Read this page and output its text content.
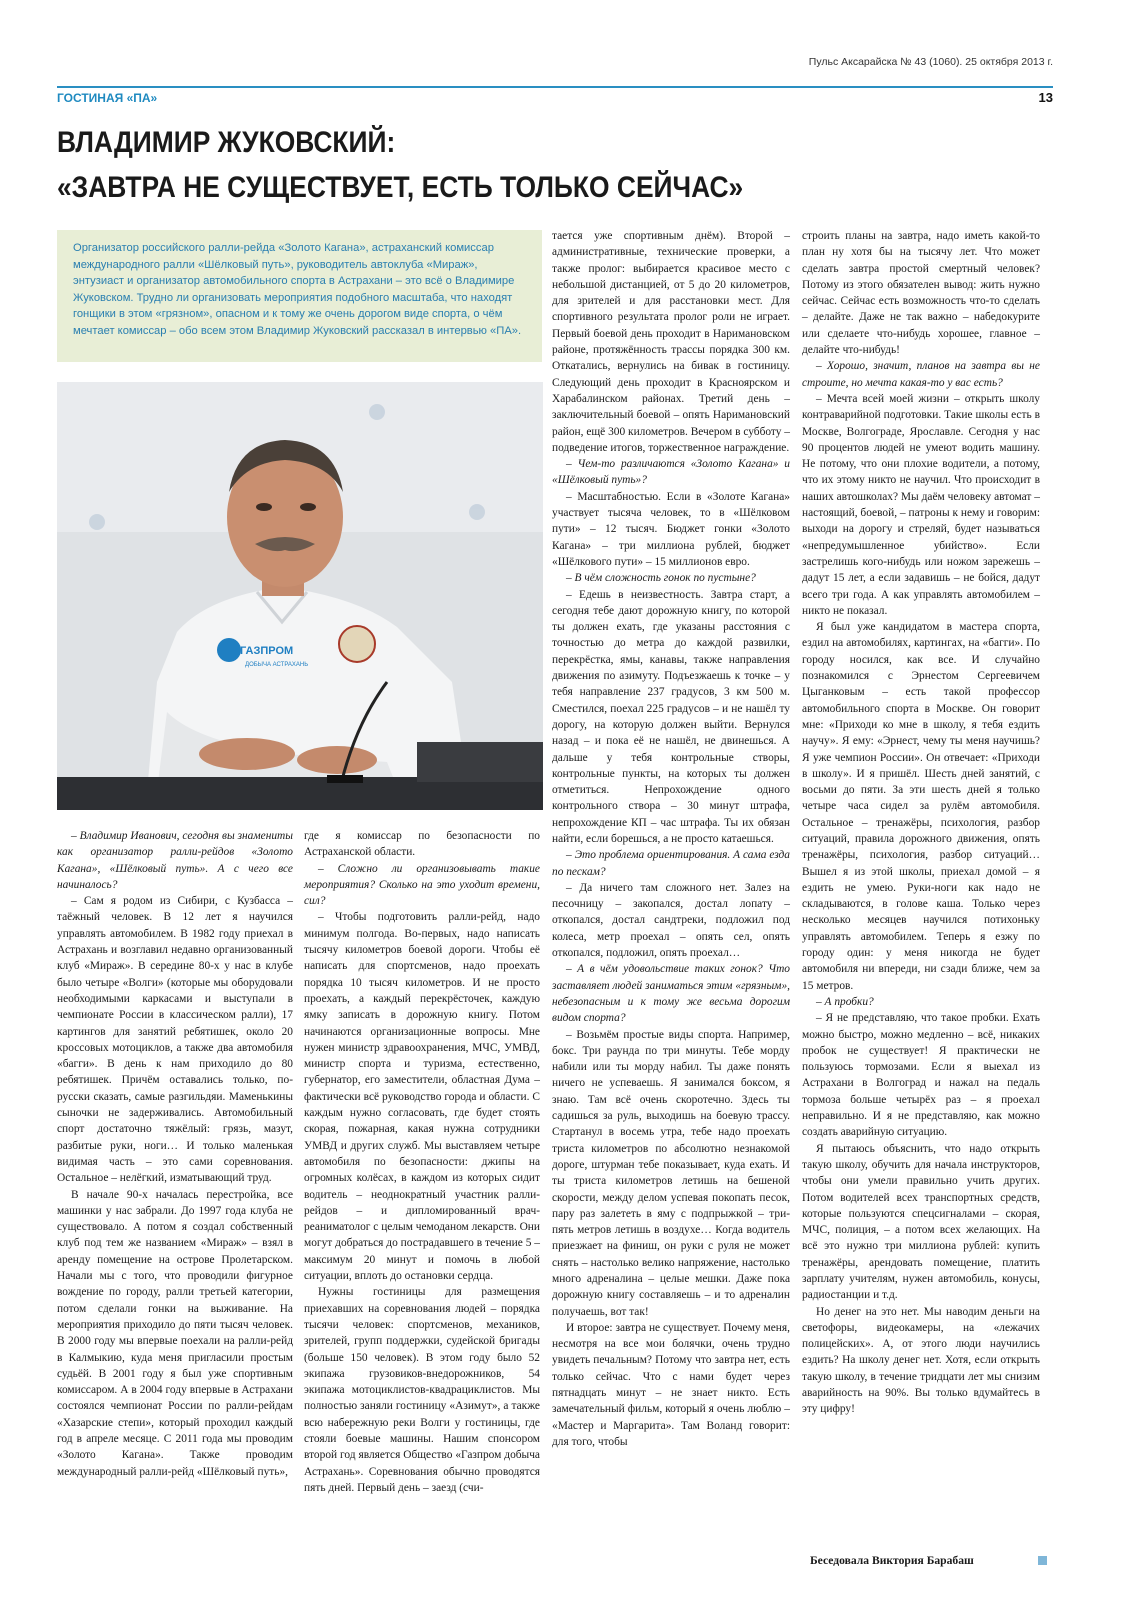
Пульс Аксарайска № 43 (1060). 25 октября 2013 г.
ГОСТИНАЯ «ПА»	13
ВЛАДИМИР ЖУКОВСКИЙ:
«ЗАВТРА НЕ СУЩЕСТВУЕТ, ЕСТЬ ТОЛЬКО СЕЙЧАС»
Организатор российского ралли-рейда «Золото Кагана», астраханский комиссар международного ралли «Шёлковый путь», руководитель автоклуба «Мираж», энтузиаст и организатор автомобильного спорта в Астрахани – это всё о Владимире Жуковском. Трудно ли организовать мероприятия подобного масштаба, что находят гонщики в этом «грязном», опасном и к тому же очень дорогом виде спорта, о чём мечтает комиссар – обо всем этом Владимир Жуковский рассказал в интервью «ПА».
ГАЗПРОМ
ДОБЫЧА АСТРАХАНЬ

– Владимир Иванович, сегодня вы знамениты как организатор ралли-рейдов «Золото Кагана», «Шёлковый путь». А с чего все начиналось?

– Сам я родом из Сибири, с Кузбасса – таёжный человек. В 12 лет я научился управлять автомобилем. В 1982 году приехал в Астрахань и возглавил недавно организованный клуб «Мираж». В середине 80-х у нас в клубе было четыре «Волги» (которые мы оборудовали необходимыми каркасами и выступали в чемпионате России в классическом ралли), 17 картингов для занятий ребятишек, около 20 кроссовых мотоциклов, а также два автомобиля «багги». В день к нам приходило до 80 ребятишек. Причём оставались только, по-русски сказать, самые разгильдяи. Маменькины сыночки не задерживались. Автомобильный спорт достаточно тяжёлый: грязь, мазут, разбитые руки, ноги… И только маленькая видимая часть – это сами соревнования. Остальное – нелёгкий, изматывающий труд.

В начале 90-х началась перестройка, все машинки у нас забрали. До 1997 года клуба не существовало. А потом я создал собственный клуб под тем же названием «Мираж» – взял в аренду помещение на острове Пролетарском. Начали мы с того, что проводили фигурное вождение по городу, ралли третьей категории, потом сделали гонки на выживание. На мероприятия приходило до пяти тысяч человек. В 2000 году мы впервые поехали на ралли-рейд в Калмыкию, куда меня пригласили простым судьёй. В 2001 году я был уже спортивным комиссаром. А в 2004 году впервые в Астрахани состоялся чемпионат России по ралли-рейдам «Хазарские степи», который проходил каждый год в апреле месяце. С 2011 года мы проводим «Золото Кагана». Также проводим международный ралли-рейд «Шёлковый путь»,

где я комиссар по безопасности по Астраханской области.

– Сложно ли организовывать такие мероприятия? Сколько на это уходит времени, сил?

– Чтобы подготовить ралли-рейд, надо минимум полгода. Во-первых, надо написать тысячу километров боевой дороги. Чтобы её написать для спортсменов, надо проехать порядка 10 тысяч километров. И не просто проехать, а каждый перекрёсточек, каждую ямку записать в дорожную книгу. Потом начинаются организационные вопросы. Мне нужен министр здравоохранения, МЧС, УМВД, министр спорта и туризма, естественно, губернатор, его заместители, областная Дума – фактически всё руководство города и области. С каждым нужно согласовать, где будет стоять скорая, пожарная, какая нужна сотрудники УМВД и других служб. Мы выставляем четыре автомобиля по безопасности: джипы на огромных колёсах, в каждом из которых сидит водитель – неоднократный участник ралли-рейдов – и дипломированный врач-реаниматолог с целым чемоданом лекарств. Они могут добраться до пострадавшего в течение 5 – максимум 20 минут и помочь в любой ситуации, вплоть до остановки сердца.

Нужны гостиницы для размещения приехавших на соревнования людей – порядка тысячи человек: спортсменов, механиков, зрителей, групп поддержки, судейской бригады (больше 150 человек). В этом году было 52 экипажа грузовиков-внедорожников, 54 экипажа мотоциклистов-квадрациклистов. Мы полностью заняли гостиницу «Азимут», а также всю набережную реки Волги у гостиницы, где стояли боевые машины. Нашим спонсором второй год является Общество «Газпром добыча Астрахань». Соревнования обычно проводятся пять дней. Первый день – заезд (счи-

тается уже спортивным днём). Второй – административные, технические проверки, а также пролог: выбирается красивое место с небольшой дистанцией, от 5 до 20 километров, для зрителей и для расстановки мест. Для спортивного результата пролог роли не играет. Первый боевой день проходит в Наримановском районе, протяжённость трассы порядка 300 км. Откатались, вернулись на бивак в гостиницу. Следующий день проходит в Красноярском и Харабалинском районах. Третий день – заключительный боевой – опять Наримановский район, ещё 300 километров. Вечером в субботу – подведение итогов, торжественное награждение.

– Чем-то различаются «Золото Кагана» и «Шёлковый путь»?

– Масштабностью. Если в «Золоте Кагана» участвует тысяча человек, то в «Шёлковом пути» – 12 тысяч. Бюджет гонки «Золото Кагана» – три миллиона рублей, бюджет «Шёлкового пути» – 15 миллионов евро.

– В чём сложность гонок по пустыне?

– Едешь в неизвестность. Завтра старт, а сегодня тебе дают дорожную книгу, по которой ты должен ехать, где указаны расстояния с точностью до метра до каждой развилки, перекрёстка, ямы, канавы, также направления движения по азимуту. Подъезжаешь к точке – у тебя направление 237 градусов, 3 км 500 м. Сместился, поехал 225 градусов – и не нашёл ту дорогу, на которую должен выйти. Вернулся назад – и пока её не нашёл, не двинешься. А дальше у тебя контрольные створы, контрольные пункты, на которых ты должен отметиться. Непрохождение одного контрольного створа – 30 минут штрафа, непрохождение КП – час штрафа. Ты их обязан найти, если борешься, а не просто катаешься.

– Это проблема ориентирования. А сама езда по пескам?

– Да ничего там сложного нет. Залез на песочницу – закопался, достал лопату – откопался, достал сандтреки, подложил под колеса, метр проехал – опять сел, опять откопался, подложил, опять проехал…

– А в чём удовольствие таких гонок? Что заставляет людей заниматься этим «грязным», небезопасным и к тому же весьма дорогим видом спорта?

– Возьмём простые виды спорта. Например, бокс. Три раунда по три минуты. Тебе морду набили или ты морду набил. Ты даже понять ничего не успеваешь. Я занимался боксом, я знаю. Там всё очень скоротечно. Здесь ты садишься за руль, выходишь на боевую трассу. Стартанул в восемь утра, тебе надо проехать триста километров по абсолютно незнакомой дороге, штурман тебе показывает, куда ехать. И ты триста километров летишь на бешеной скорости, между делом успевая покопать песок, пару раз залететь в яму с подпрыжкой – три-пять метров летишь в воздухе… Когда водитель приезжает на финиш, он руки с руля не может снять – настолько велико напряжение, настолько много адреналина – целые мешки. Даже пока дорожную книгу составляешь – и то адреналин получаешь, вот так!

И второе: завтра не существует. Почему меня, несмотря на все мои болячки, очень трудно увидеть печальным? Потому что завтра нет, есть только сейчас. Что с нами будет через пятнадцать минут – не знает никто. Есть замечательный фильм, который я очень люблю – «Мастер и Маргарита». Там Воланд говорит: для того, чтобы

строить планы на завтра, надо иметь какой-то план ну хотя бы на тысячу лет. Что может сделать завтра простой смертный человек? Потому из этого обязателен вывод: жить нужно сейчас. Сейчас есть возможность что-то сделать – делайте. Даже не так важно – набедокурите или сделаете что-нибудь хорошее, главное – делайте что-нибудь!

– Хорошо, значит, планов на завтра вы не строите, но мечта какая-то у вас есть?

– Мечта всей моей жизни – открыть школу контраварийной подготовки. Такие школы есть в Москве, Волгограде, Ярославле. Сегодня у нас 90 процентов людей не умеют водить машину. Не потому, что они плохие водители, а потому, что их этому никто не научил. Что происходит в наших автошколах? Мы даём человеку автомат – настоящий, боевой, – патроны к нему и говорим: выходи на дорогу и стреляй, будет называться «непредумышленное убийство». Если застрелишь кого-нибудь или ножом зарежешь – дадут 15 лет, а если задавишь – не бойся, дадут всего три года. А как управлять автомобилем – никто не показал.

Я был уже кандидатом в мастера спорта, ездил на автомобилях, картингах, на «багги». По городу носился, как все. И случайно познакомился с Эрнестом Сергеевичем Цыганковым – есть такой профессор автомобильного спорта в Москве. Он говорит мне: «Приходи ко мне в школу, я тебя ездить научу». Я ему: «Эрнест, чему ты меня научишь? Я уже чемпион России». Он отвечает: «Приходи в школу». И я пришёл. Шесть дней занятий, с восьми до пяти. За эти шесть дней я только четыре часа сидел за рулём автомобиля. Остальное – тренажёры, психология, разбор ситуаций, правила дорожного движения, опять тренажёры, психология, разбор ситуаций… Вышел я из этой школы, приехал домой – я ездить не умею. Руки-ноги как надо не складываются, в голове каша. Только через несколько месяцев научился потихоньку управлять автомобилем. Теперь я езжу по городу один: у меня никогда не будет автомобиля ни впереди, ни сзади ближе, чем за 15 метров.

– А пробки?

– Я не представляю, что такое пробки. Ехать можно быстро, можно медленно – всё, никаких пробок не существует! Я практически не пользуюсь тормозами. Если я выехал из Астрахани в Волгоград и нажал на педаль тормоза больше четырёх раз – я проехал неправильно. И я не представляю, как можно создать аварийную ситуацию.

Я пытаюсь объяснить, что надо открыть такую школу, обучить для начала инструкторов, чтобы они умели правильно учить других. Потом водителей всех транспортных средств, которые пользуются спецсигналами – скорая, МЧС, полиция, – а потом всех желающих. На всё это нужно три миллиона рублей: купить тренажёры, арендовать помещение, платить зарплату учителям, нужен автомобиль, конусы, радиостанции и т.д.

Но денег на это нет. Мы наводим деньги на светофоры, видеокамеры, на «лежачих полицейских». А, от этого люди научились ездить? На школу денег нет. Хотя, если открыть такую школу, в течение тридцати лет мы снизим аварийность на 90%. Вы только вдумайтесь в эту цифру!

Беседовала Виктория Барабаш
